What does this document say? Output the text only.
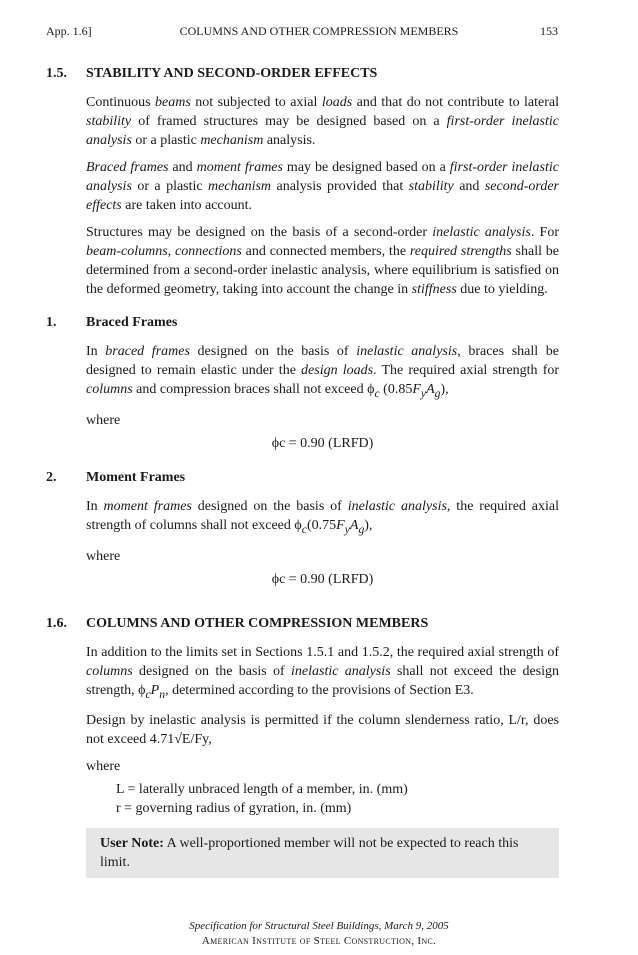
App. 1.6]	COLUMNS AND OTHER COMPRESSION MEMBERS	153
1.5.	STABILITY AND SECOND-ORDER EFFECTS

Continuous beams not subjected to axial loads and that do not contribute to lateral stability of framed structures may be designed based on a first-order inelastic analysis or a plastic mechanism analysis.

Braced frames and moment frames may be designed based on a first-order inelastic analysis or a plastic mechanism analysis provided that stability and second-order effects are taken into account.

Structures may be designed on the basis of a second-order inelastic analysis. For beam-columns, connections and connected members, the required strengths shall be determined from a second-order inelastic analysis, where equilibrium is satisfied on the deformed geometry, taking into account the change in stiffness due to yielding.

1.	Braced Frames

In braced frames designed on the basis of inelastic analysis, braces shall be designed to remain elastic under the design loads. The required axial strength for columns and compression braces shall not exceed $\phi_c$ $(0.85F_yA_g)$,

where

ϕc = 0.90 (LRFD)

2.	Moment Frames

In moment frames designed on the basis of inelastic analysis, the required axial strength of columns shall not exceed $\phi_c(0.75F_yA_g)$,

where

ϕc = 0.90 (LRFD)

1.6.	COLUMNS AND OTHER COMPRESSION MEMBERS

In addition to the limits set in Sections 1.5.1 and 1.5.2, the required axial strength of columns designed on the basis of inelastic analysis shall not exceed the design strength, $\phi_cP_n$, determined according to the provisions of Section E3.

Design by inelastic analysis is permitted if the column slenderness ratio, L/r, does not exceed 4.71√E/Fy,

where

L = laterally unbraced length of a member, in. (mm)

r = governing radius of gyration, in. (mm)

User Note: A well-proportioned member will not be expected to reach this limit.
Specification for Structural Steel Buildings, March 9, 2005
American Institute of Steel Construction, Inc.
